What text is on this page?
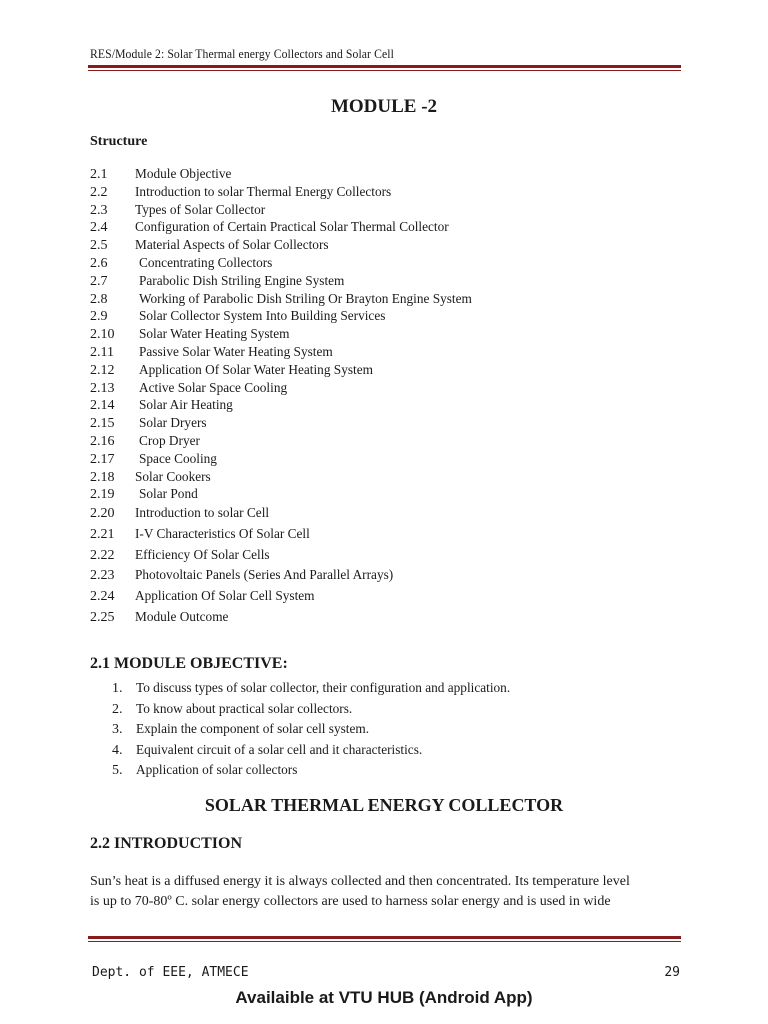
RES/Module 2: Solar Thermal energy Collectors and Solar Cell
MODULE -2
Structure
2.1 Module Objective
2.2 Introduction to solar Thermal Energy Collectors
2.3 Types of Solar Collector
2.4 Configuration of Certain Practical Solar Thermal Collector
2.5 Material Aspects of Solar Collectors
2.6 Concentrating Collectors
2.7 Parabolic Dish Striling Engine System
2.8 Working of Parabolic Dish Striling Or Brayton Engine System
2.9 Solar Collector System Into Building Services
2.10 Solar Water Heating System
2.11 Passive Solar Water Heating System
2.12 Application Of Solar Water Heating System
2.13 Active Solar Space Cooling
2.14 Solar Air Heating
2.15 Solar Dryers
2.16 Crop Dryer
2.17 Space Cooling
2.18 Solar Cookers
2.19 Solar Pond
2.20 Introduction to solar Cell
2.21 I-V Characteristics Of Solar Cell
2.22 Efficiency Of Solar Cells
2.23 Photovoltaic Panels (Series And Parallel Arrays)
2.24 Application Of Solar Cell System
2.25 Module Outcome
2.1 MODULE OBJECTIVE:
1. To discuss types of solar collector, their configuration and application.
2. To know about practical solar collectors.
3. Explain the component of solar cell system.
4. Equivalent circuit of a solar cell and it characteristics.
5. Application of solar collectors
SOLAR THERMAL ENERGY COLLECTOR
2.2 INTRODUCTION
Sun’s heat is a diffused energy it is always collected and then concentrated. Its temperature level
is up to 70-80º C. solar energy collectors are used to harness solar energy and is used in wide
Dept. of EEE, ATMECE	29
Availaible at VTU HUB (Android App)
